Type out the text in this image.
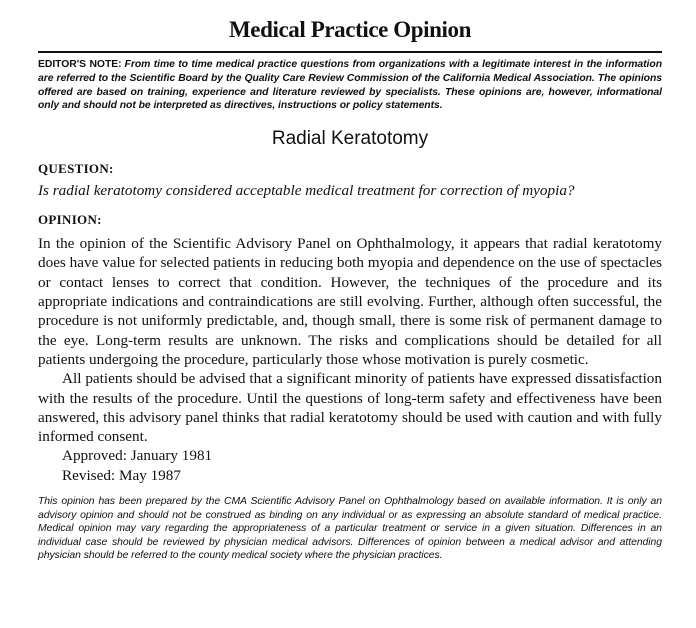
Medical Practice Opinion
EDITOR'S NOTE: From time to time medical practice questions from organizations with a legitimate interest in the information are referred to the Scientific Board by the Quality Care Review Commission of the California Medical Association. The opinions offered are based on training, experience and literature reviewed by specialists. These opinions are, however, informational only and should not be interpreted as directives, instructions or policy statements.
Radial Keratotomy
QUESTION:
Is radial keratotomy considered acceptable medical treatment for correction of myopia?
OPINION:

In the opinion of the Scientific Advisory Panel on Ophthalmology, it appears that radial keratotomy does have value for selected patients in reducing both myopia and dependence on the use of spectacles or contact lenses to correct that condition. However, the techniques of the procedure and its appropriate indications and contraindications are still evolving. Further, although often successful, the procedure is not uniformly predictable, and, though small, there is some risk of permanent damage to the eye. Long-term results are unknown. The risks and complications should be detailed for all patients undergoing the procedure, particularly those whose motivation is purely cosmetic.

All patients should be advised that a significant minority of patients have expressed dissatisfaction with the results of the procedure. Until the questions of long-term safety and effectiveness have been answered, this advisory panel thinks that radial keratotomy should be used with caution and with fully informed consent.

Approved: January 1981
Revised: May 1987
This opinion has been prepared by the CMA Scientific Advisory Panel on Ophthalmology based on available information. It is only an advisory opinion and should not be construed as binding on any individual or as expressing an absolute standard of medical practice. Medical opinion may vary regarding the appropriateness of a particular treatment or service in a given situation. Differences in an individual case should be reviewed by physician medical advisors. Differences of opinion between a medical advisor and attending physician should be referred to the county medical society where the physician practices.
